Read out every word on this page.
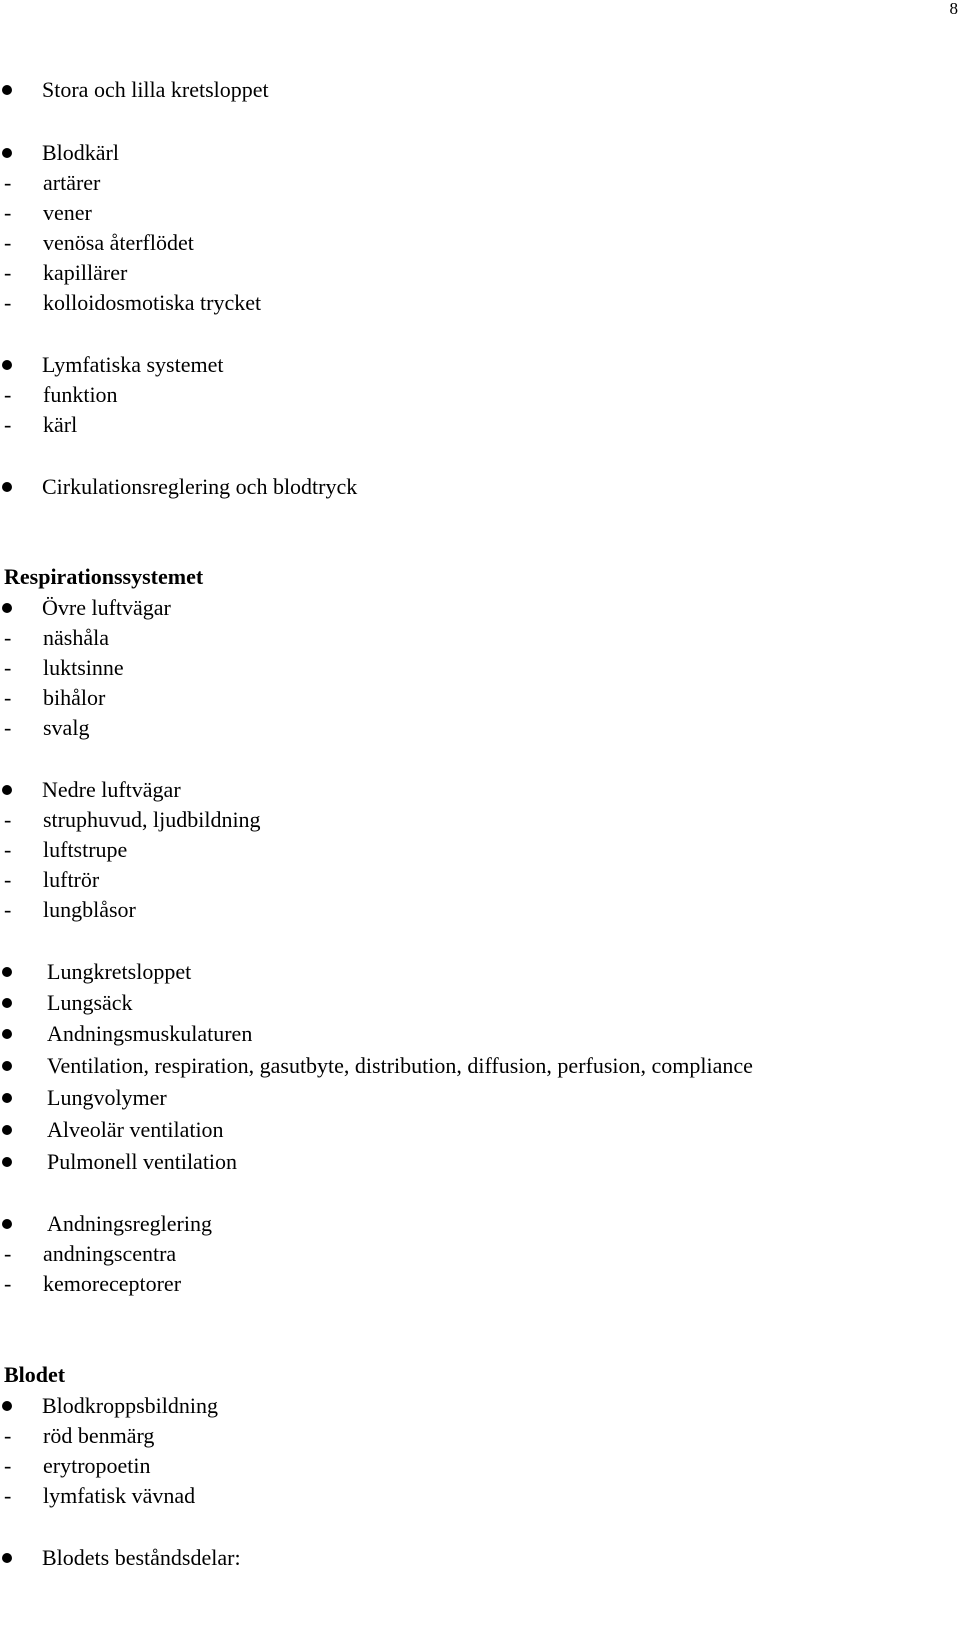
8
Stora och lilla kretsloppet
Blodkärl
- artärer
- vener
- venösa återflödet
- kapillärer
- kolloidosmotiska trycket
Lymfatiska systemet
- funktion
- kärl
Cirkulationsreglering och blodtryck
Respirationssystemet
Övre luftvägar
- näshåla
- luktsinne
- bihålor
- svalg
Nedre luftvägar
- struphuvud, ljudbildning
- luftstrupe
- luftrör
- lungblåsor
Lungkretsloppet
Lungsäck
Andningsmuskulaturen
Ventilation, respiration, gasutbyte, distribution, diffusion, perfusion, compliance
Lungvolymer
Alveolär ventilation
Pulmonell ventilation
Andningsreglering
- andningscentra
- kemoreceptorer
Blodet
Blodkroppsbildning
- röd benmärg
- erytropoetin
- lymfatisk vävnad
Blodets beståndsdelar:
